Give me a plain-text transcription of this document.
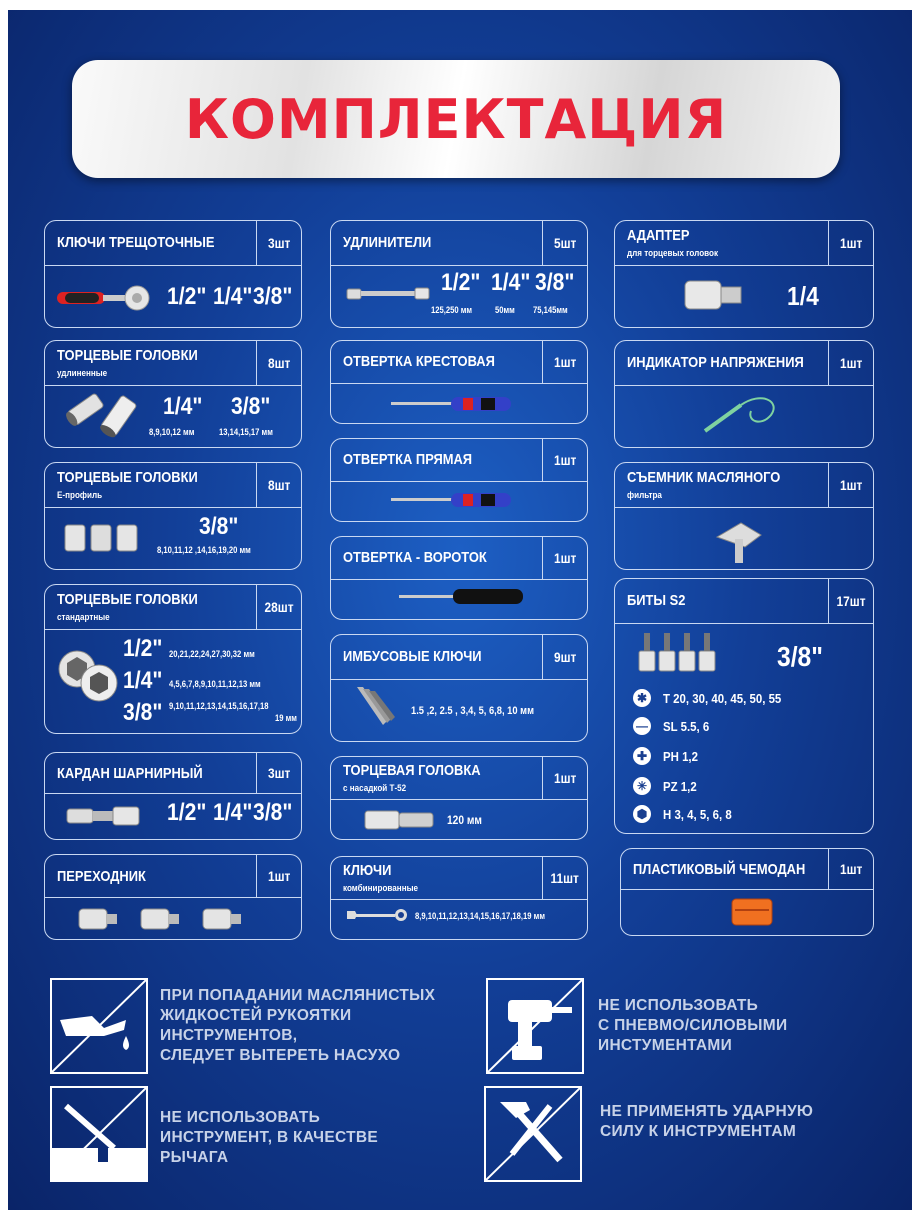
КОМПЛЕКТАЦИЯ
КЛЮЧИ ТРЕЩОТОЧНЫЕ	3шт
1/2" 1/4" 3/8"
ТОРЦЕВЫЕ ГОЛОВКИ
удлиненные
8шт
1/4" 3/8"
8,9,10,12 мм	13,14,15,17 мм
ТОРЦЕВЫЕ ГОЛОВКИ
Е-профиль
8шт
3/8"
8,10,11,12 ,14,16,19,20 мм
ТОРЦЕВЫЕ ГОЛОВКИ
стандартные
28шт
1/2" 20,21,22,24,27,30,32 мм
1/4" 4,5,6,7,8,9,10,11,12,13 мм
3/8" 9,10,11,12,13,14,15,16,17,18
19 мм
КАРДАН ШАРНИРНЫЙ	3шт
1/2" 1/4" 3/8"
ПЕРЕХОДНИК	1шт
УДЛИНИТЕЛИ	5шт
1/2" 1/4" 3/8"
125,250 мм	50мм 75,145мм
ОТВЕРТКА КРЕСТОВАЯ	1шт
ОТВЕРТКА ПРЯМАЯ	1шт
ОТВЕРТКА - ВОРОТОК	1шт
ИМБУСОВЫЕ КЛЮЧИ	9шт
1.5 ,2, 2.5 , 3,4, 5, 6,8, 10 мм
ТОРЦЕВАЯ ГОЛОВКА
с насадкой Т-52
1шт
120 мм
КЛЮЧИ
комбинированные
11шт
8,9,10,11,12,13,14,15,16,17,18,19 мм
АДАПТЕР
для торцевых головок
1шт
1/4
ИНДИКАТОР НАПРЯЖЕНИЯ	1шт
СЪЕМНИК МАСЛЯНОГО
фильтра
1шт
БИТЫ S2	17шт
3/8"
✱	T 20, 30, 40, 45, 50, 55
— SL 5.5, 6
✚	PH 1,2
✳	PZ 1,2
⬢ H 3, 4, 5, 6, 8
ПЛАСТИКОВЫЙ ЧЕМОДАН 1шт
ПРИ ПОПАДАНИИ МАСЛЯНИСТЫХ
ЖИДКОСТЕЙ РУКОЯТКИ
ИНСТРУМЕНТОВ,
СЛЕДУЕТ ВЫТЕРЕТЬ НАСУХО
НЕ ИСПОЛЬЗОВАТЬ
С ПНЕВМО/СИЛОВЫМИ
ИНСТУМЕНТАМИ
НЕ ИСПОЛЬЗОВАТЬ
ИНСТРУМЕНТ, В КАЧЕСТВЕ
РЫЧАГА
НЕ ПРИМЕНЯТЬ УДАРНУЮ
СИЛУ К ИНСТРУМЕНТАМ
